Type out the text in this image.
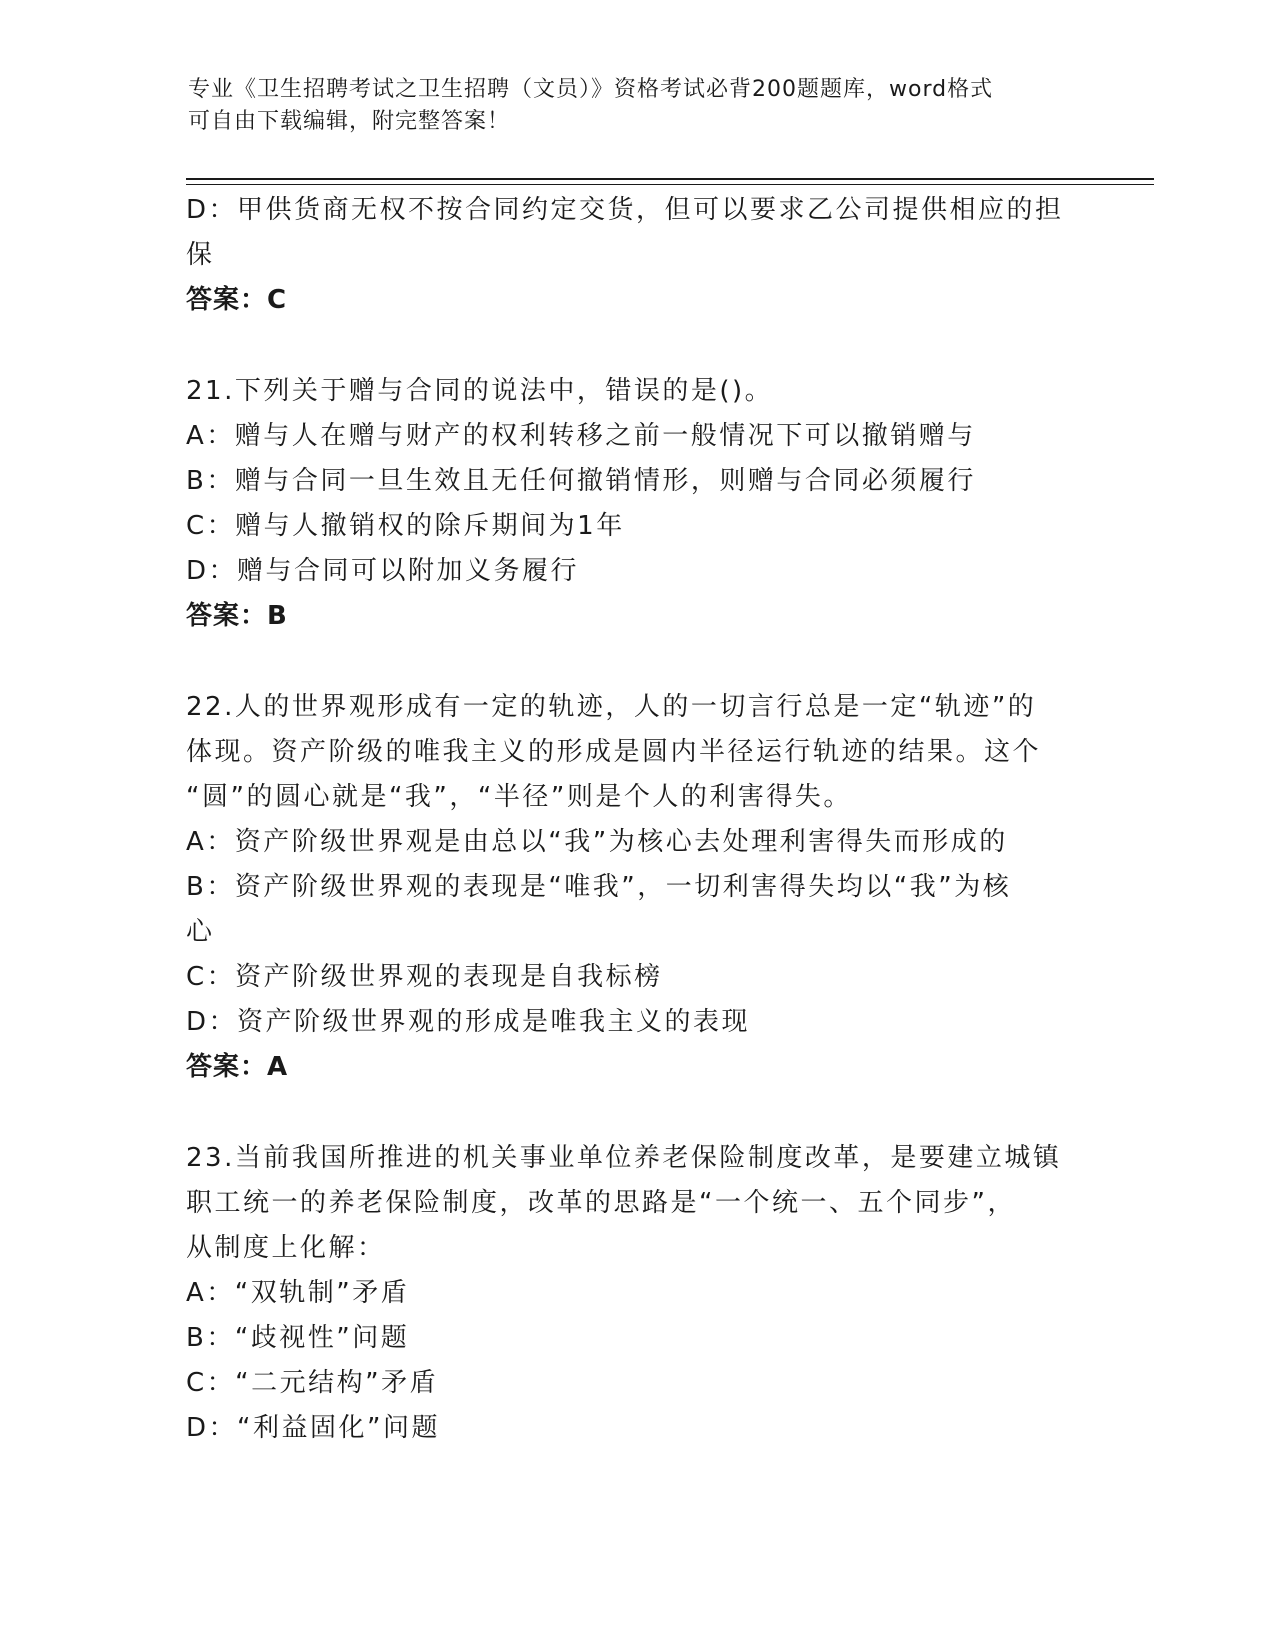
专业《卫生招聘考试之卫生招聘（文员）》资格考试必背200题题库，word格式
可自由下载编辑，附完整答案！
D：甲供货商无权不按合同约定交货，但可以要求乙公司提供相应的担
保
答案：C
21.下列关于赠与合同的说法中，错误的是()。
A：赠与人在赠与财产的权利转移之前一般情况下可以撤销赠与
B：赠与合同一旦生效且无任何撤销情形，则赠与合同必须履行
C：赠与人撤销权的除斥期间为1年
D：赠与合同可以附加义务履行
答案：B
22.人的世界观形成有一定的轨迹，人的一切言行总是一定“轨迹”的
体现。资产阶级的唯我主义的形成是圆内半径运行轨迹的结果。这个
“圆”的圆心就是“我”，“半径”则是个人的利害得失。
A：资产阶级世界观是由总以“我”为核心去处理利害得失而形成的
B：资产阶级世界观的表现是“唯我”，一切利害得失均以“我”为核
心
C：资产阶级世界观的表现是自我标榜
D：资产阶级世界观的形成是唯我主义的表现
答案：A
23.当前我国所推进的机关事业单位养老保险制度改革，是要建立城镇
职工统一的养老保险制度，改革的思路是“一个统一、五个同步”，
从制度上化解：
A：“双轨制”矛盾
B：“歧视性”问题
C：“二元结构”矛盾
D：“利益固化”问题
